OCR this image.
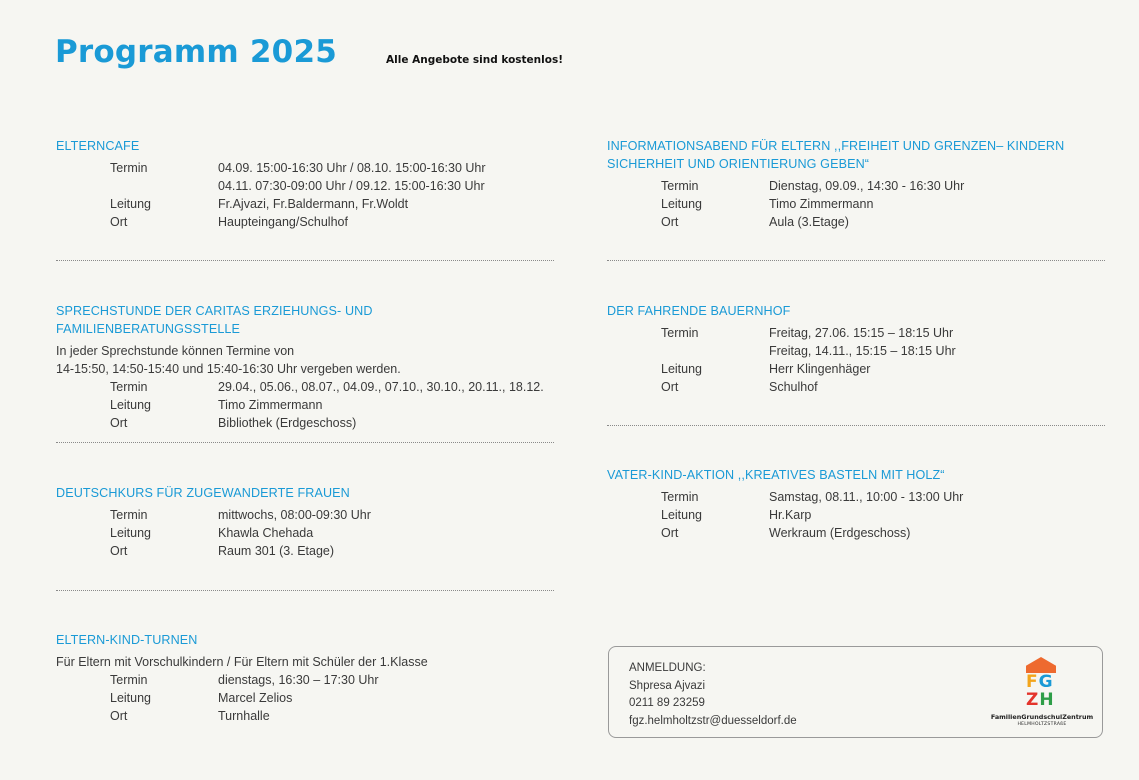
Programm 2025	Alle Angebote sind kostenlos!
ELTERNCAFE
Termin	04.09. 15:00-16:30 Uhr / 08.10. 15:00-16:30 Uhr
04.11. 07:30-09:00 Uhr / 09.12. 15:00-16:30 Uhr
Leitung	Fr.Ajvazi, Fr.Baldermann, Fr.Woldt
Ort	Haupteingang/Schulhof
SPRECHSTUNDE DER CARITAS ERZIEHUNGS- UND FAMILIENBERATUNGSSTELLE
In jeder Sprechstunde können Termine von
14-15:50, 14:50-15:40 und 15:40-16:30 Uhr vergeben werden.
Termin	29.04., 05.06., 08.07., 04.09., 07.10., 30.10., 20.11., 18.12.
Leitung	Timo Zimmermann
Ort	Bibliothek (Erdgeschoss)
DEUTSCHKURS FÜR ZUGEWANDERTE FRAUEN
Termin	mittwochs, 08:00-09:30 Uhr
Leitung	Khawla Chehada
Ort	Raum 301 (3. Etage)
ELTERN-KIND-TURNEN
Für Eltern mit Vorschulkindern / Für Eltern mit Schüler der 1.Klasse
Termin	dienstags, 16:30 – 17:30 Uhr
Leitung	Marcel Zelios
Ort	Turnhalle
INFORMATIONSABEND FÜR ELTERN ,,FREIHEIT UND GRENZEN– KINDERN SICHERHEIT UND ORIENTIERUNG GEBEN“
Termin	Dienstag, 09.09., 14:30 - 16:30 Uhr
Leitung	Timo Zimmermann
Ort	Aula (3.Etage)
DER FAHRENDE BAUERNHOF
Termin	Freitag, 27.06. 15:15 – 18:15 Uhr
Freitag, 14.11., 15:15 – 18:15 Uhr
Leitung	Herr Klingenhäger
Ort	Schulhof
VATER-KIND-AKTION ,,KREATIVES BASTELN MIT HOLZ“
Termin	Samstag, 08.11., 10:00 - 13:00 Uhr
Leitung	Hr.Karp
Ort	Werkraum (Erdgeschoss)
ANMELDUNG:
Shpresa Ajvazi
0211 89 23259
fgz.helmholtzstr@duesseldorf.de
FG
ZH
FamilienGrundschulZentrum
HELMHOLTZSTRAßE
